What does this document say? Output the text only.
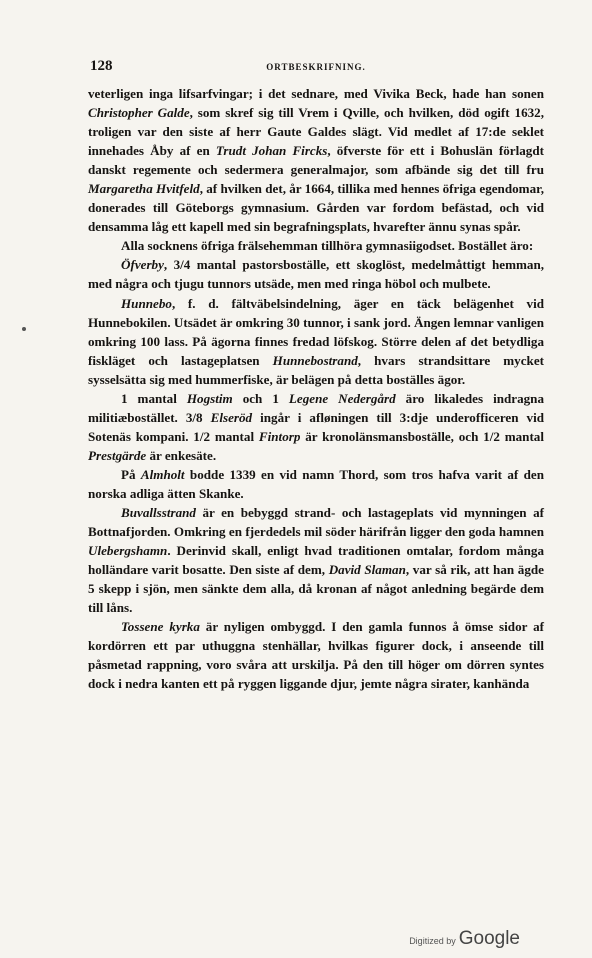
128	ORTBESKRIFNING.

veterligen inga lifsarfvingar; i det sednare, med Vivika Beck, hade han sonen Christopher Galde, som skref sig till Vrem i Qville, och hvilken, död ogift 1632, troligen var den siste af herr Gaute Galdes slägt. Vid medlet af 17:de seklet innehades Åby af en Trudt Johan Fircks, öfverste för ett i Bohuslän förlagdt danskt regemente och sedermera generalmajor, som afbände sig det till fru Margaretha Hvitfeld, af hvilken det, år 1664, tillika med hennes öfriga egendomar, donerades till Göteborgs gymnasium. Gården var fordom befästad, och vid densamma låg ett kapell med sin begrafningsplats, hvarefter ännu synas spår.

Alla socknens öfriga frälsehemman tillhöra gymnasiigodset. Bostället äro:

Öfverby, 3/4 mantal pastorsboställe, ett skoglöst, medelmåttigt hemman, med några och tjugu tunnors utsäde, men med ringa höbol och mulbete.

Hunnebo, f. d. fältväbelsindelning, äger en täck belägenhet vid Hunnebokilen. Utsädet är omkring 30 tunnor, i sank jord. Ängen lemnar vanligen omkring 100 lass. På ägorna finnes fredad löfskog. Större delen af det betydliga fiskläget och lastageplatsen Hunnebostrand, hvars strandsittare mycket sysselsätta sig med hummerfiske, är belägen på detta boställes ägor.

1 mantal Hogstim och 1 Legene Nedergård äro likaledes indragna militiæbostället. 3/8 Elseröd ingår i afløningen till 3:dje underofficeren vid Sotenäs kompani. 1/2 mantal Fintorp är kronolänsmansboställe, och 1/2 mantal Prestgärde är enkesäte.

På Almholt bodde 1339 en vid namn Thord, som tros hafva varit af den norska adliga ätten Skanke.

Buvallsstrand är en bebyggd strand- och lastageplats vid mynningen af Bottnafjorden. Omkring en fjerdedels mil söder härifrån ligger den goda hamnen Ulebergshamn. Derinvid skall, enligt hvad traditionen omtalar, fordom många holländare varit bosatte. Den siste af dem, David Slaman, var så rik, att han ägde 5 skepp i sjön, men sänkte dem alla, då kronan af något anledning begärde dem till låns.

Tossene kyrka är nyligen ombyggd. I den gamla funnos å ömse sidor af kordörren ett par uthuggna stenhällar, hvilkas figurer dock, i anseende till påsmetad rappning, voro svåra att urskilja. På den till höger om dörren syntes dock i nedra kanten ett på ryggen liggande djur, jemte några sirater, kanhända

Digitized by Google
